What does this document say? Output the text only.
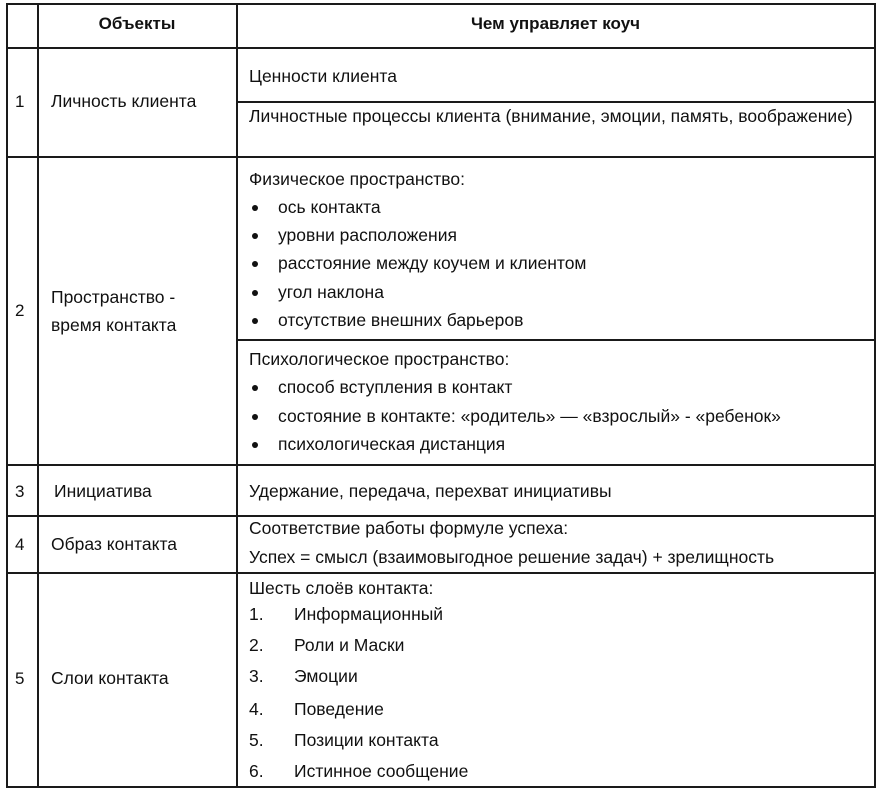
Объекты	Чем управляет коуч
1 Личность клиента
Ценности клиента
Личностные процессы клиента (внимание, эмоции, память, воображение)
2
Пространство -
время контакта
Физическое пространство:
ось контакта
уровни расположения
расстояние между коучем и клиентом
угол наклона
отсутствие внешних барьеров
Психологическое пространство:
способ вступления в контакт
состояние в контакте: «родитель» — «взрослый» - «ребенок»
психологическая дистанция
3 Инициатива	Удержание, передача, перехват инициативы
4 Образ контакта
Соответствие работы формуле успеха:
Успех = смысл (взаимовыгодное решение задач) + зрелищность
5 Слои контакта
Шесть слоёв контакта:
1. Информационный
2. Роли и Маски
3. Эмоции
4. Поведение
5. Позиции контакта
6. Истинное сообщение
